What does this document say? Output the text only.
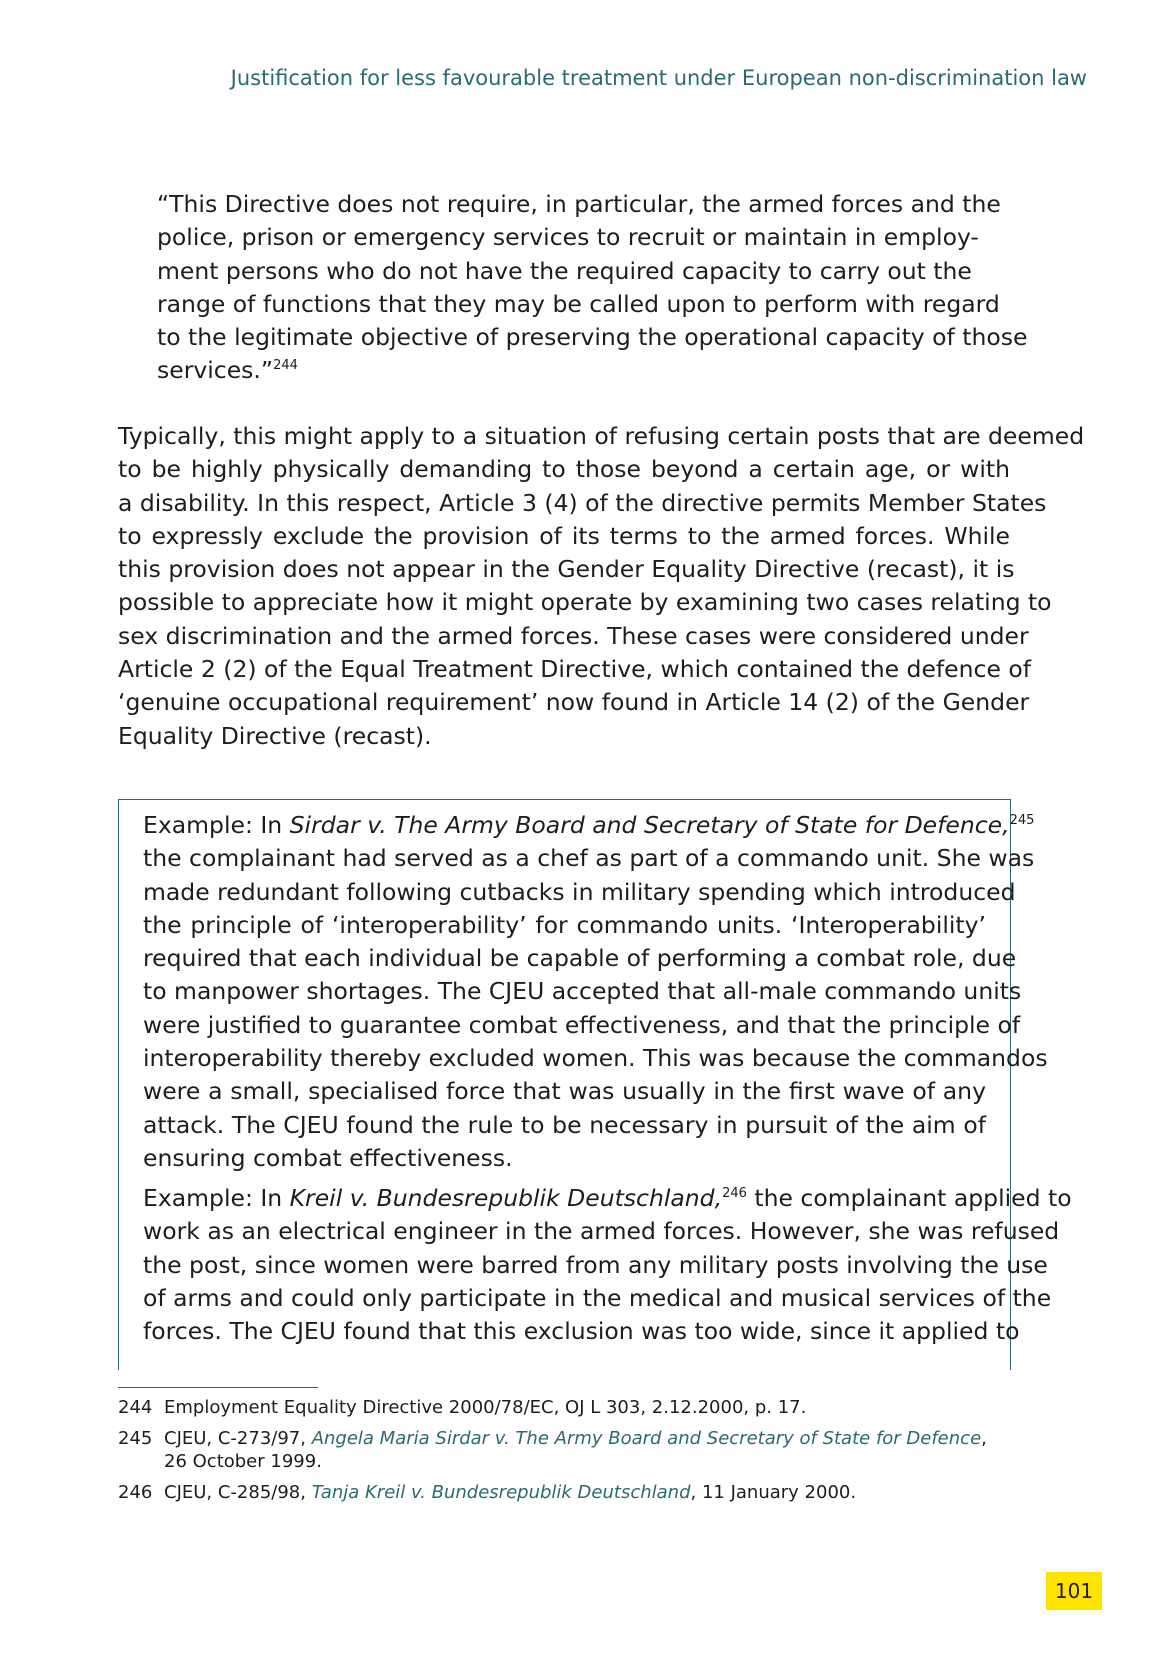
Justification for less favourable treatment under European non-discrimination law
“This Directive does not require, in particular, the armed forces and the
police, prison or emergency services to recruit or maintain in employ-
ment persons who do not have the required capacity to carry out the
range of functions that they may be called upon to perform with regard
to the legitimate objective of preserving the operational capacity of those
services.”$^{244}$
Typically, this might apply to a situation of refusing certain posts that are deemed
to be highly physically demanding to those beyond a certain age, or with
a disability. In this respect, Article 3 (4) of the directive permits Member States
to expressly exclude the provision of its terms to the armed forces. While
this provision does not appear in the Gender Equality Directive (recast), it is
possible to appreciate how it might operate by examining two cases relating to
sex discrimination and the armed forces. These cases were considered under
Article 2 (2) of the Equal Treatment Directive, which contained the defence of
‘genuine occupational requirement’ now found in Article 14 (2) of the Gender
Equality Directive (recast).
Example: In Sirdar v. The Army Board and Secretary of State for Defence,$^{245}$
the complainant had served as a chef as part of a commando unit. She was
made redundant following cutbacks in military spending which introduced
the principle of ‘interoperability’ for commando units. ‘Interoperability’
required that each individual be capable of performing a combat role, due
to manpower shortages. The CJEU accepted that all-male commando units
were justified to guarantee combat effectiveness, and that the principle of
interoperability thereby excluded women. This was because the commandos
were a small, specialised force that was usually in the first wave of any
attack. The CJEU found the rule to be necessary in pursuit of the aim of
ensuring combat effectiveness.
Example: In Kreil v. Bundesrepublik Deutschland,$^{246}$ the complainant applied to
work as an electrical engineer in the armed forces. However, she was refused
the post, since women were barred from any military posts involving the use
of arms and could only participate in the medical and musical services of the
forces. The CJEU found that this exclusion was too wide, since it applied to
244 Employment Equality Directive 2000/78/EC, OJ L 303, 2.12.2000, p. 17.
245 CJEU, C-273/97, Angela Maria Sirdar v. The Army Board and Secretary of State for Defence,
26 October 1999.
246 CJEU, C-285/98, Tanja Kreil v. Bundesrepublik Deutschland, 11 January 2000.
101
